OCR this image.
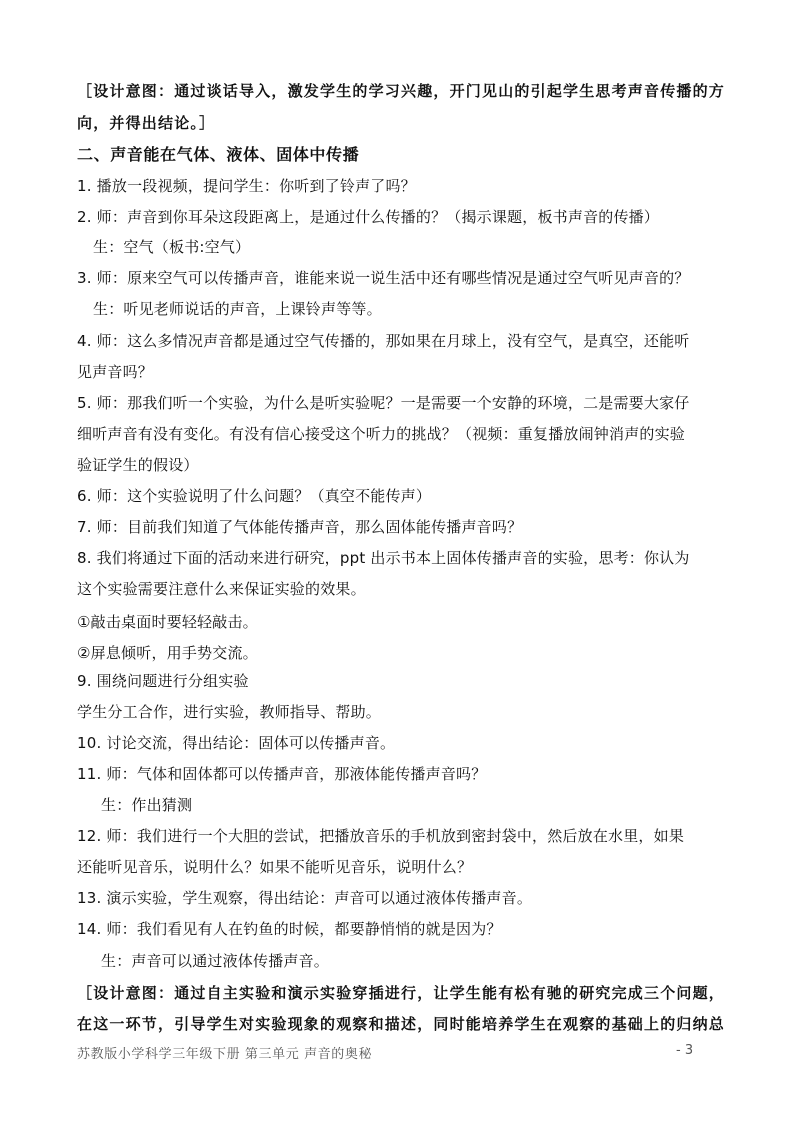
［设计意图：通过谈话导入，激发学生的学习兴趣，开门见山的引起学生思考声音传播的方
向，并得出结论。］
二、声音能在气体、液体、固体中传播
1. 播放一段视频，提问学生：你听到了铃声了吗？
2. 师：声音到你耳朵这段距离上，是通过什么传播的？（揭示课题，板书声音的传播）
生：空气（板书:空气）
3. 师：原来空气可以传播声音，谁能来说一说生活中还有哪些情况是通过空气听见声音的？
生：听见老师说话的声音，上课铃声等等。
4. 师：这么多情况声音都是通过空气传播的，那如果在月球上，没有空气，是真空，还能听
见声音吗？
5. 师：那我们听一个实验，为什么是听实验呢？一是需要一个安静的环境，二是需要大家仔
细听声音有没有变化。有没有信心接受这个听力的挑战？（视频：重复播放闹钟消声的实验
验证学生的假设）
6. 师：这个实验说明了什么问题？（真空不能传声）
7. 师：目前我们知道了气体能传播声音，那么固体能传播声音吗？
8. 我们将通过下面的活动来进行研究，ppt 出示书本上固体传播声音的实验，思考：你认为
这个实验需要注意什么来保证实验的效果。
①敲击桌面时要轻轻敲击。
②屏息倾听，用手势交流。
9. 围绕问题进行分组实验
学生分工合作，进行实验，教师指导、帮助。
10. 讨论交流，得出结论：固体可以传播声音。
11. 师：气体和固体都可以传播声音，那液体能传播声音吗？
生：作出猜测
12. 师：我们进行一个大胆的尝试，把播放音乐的手机放到密封袋中，然后放在水里，如果
还能听见音乐，说明什么？如果不能听见音乐，说明什么？
13. 演示实验，学生观察，得出结论：声音可以通过液体传播声音。
14. 师：我们看见有人在钓鱼的时候，都要静悄悄的就是因为？
生：声音可以通过液体传播声音。
［设计意图：通过自主实验和演示实验穿插进行，让学生能有松有驰的研究完成三个问题，
在这一环节，引导学生对实验现象的观察和描述，同时能培养学生在观察的基础上的归纳总
苏教版小学科学三年级下册 第三单元 声音的奥秘	- 3
